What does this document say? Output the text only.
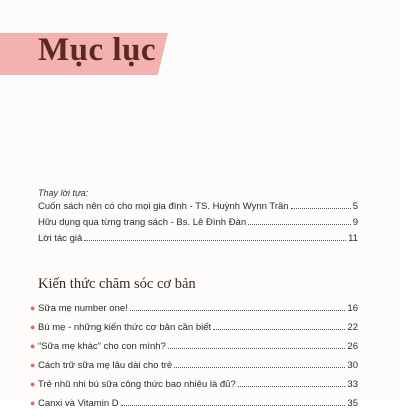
Mục lục
Thay lời tựa:
Cuốn sách nên có cho mọi gia đình - TS. Huỳnh Wynn Trần	5
Hữu dụng qua từng trang sách - Bs. Lê Đình Đàn	9
Lời tác giả	11
Kiến thức chăm sóc cơ bản
● Sữa mẹ number one!	16
● Bú mẹ - những kiến thức cơ bản cần biết	22
● “Sữa mẹ khác” cho con mình?	26
● Cách trữ sữa mẹ lâu dài cho trẻ	30
● Trẻ nhũ nhi bú sữa công thức bao nhiêu là đủ?	33
● Canxi và Vitamin D	35
